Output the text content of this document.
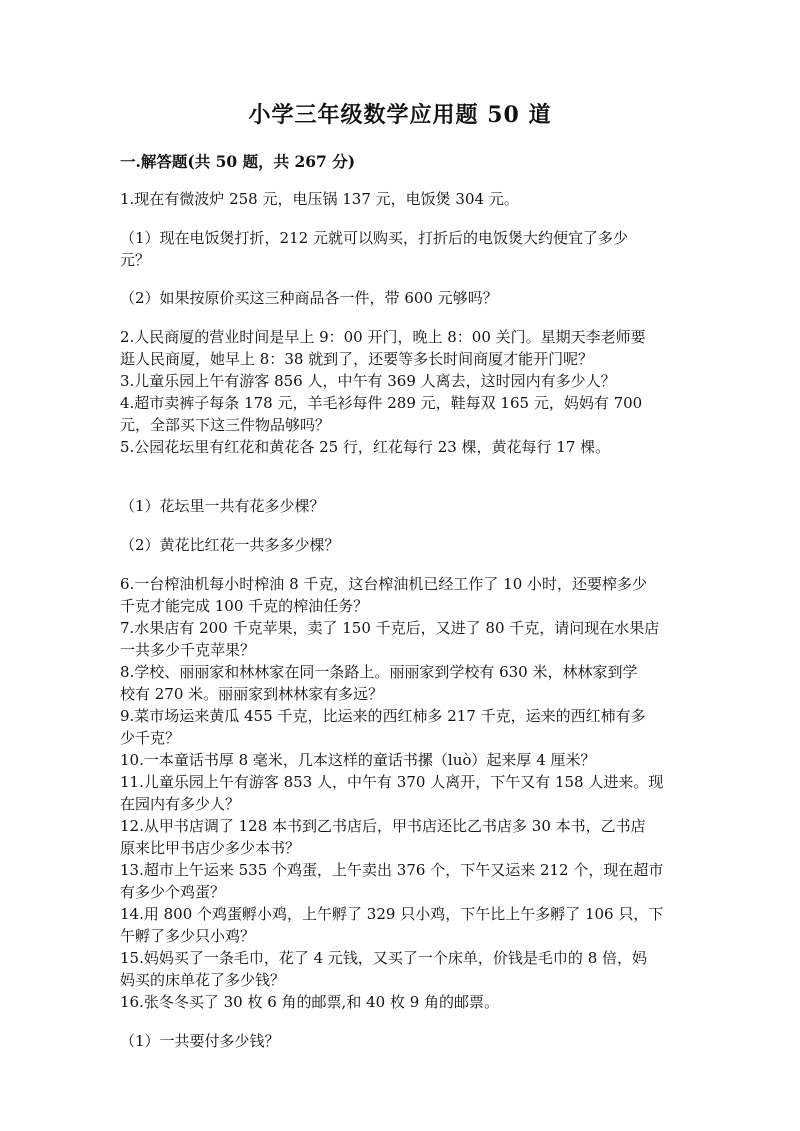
小学三年级数学应用题 50 道
一.解答题(共 50 题，共 267 分)
1.现在有微波炉 258 元，电压锅 137 元，电饭煲 304 元。
（1）现在电饭煲打折，212 元就可以购买，打折后的电饭煲大约便宜了多少
元？
（2）如果按原价买这三种商品各一件，带 600 元够吗？
2.人民商厦的营业时间是早上 9：00 开门，晚上 8：00 关门。星期天李老师要
逛人民商厦，她早上 8：38 就到了，还要等多长时间商厦才能开门呢？
3.儿童乐园上午有游客 856 人，中午有 369 人离去，这时园内有多少人？
4.超市卖裤子每条 178 元，羊毛衫每件 289 元，鞋每双 165 元，妈妈有 700
元，全部买下这三件物品够吗？
5.公园花坛里有红花和黄花各 25 行，红花每行 23 棵，黄花每行 17 棵。
（1）花坛里一共有花多少棵？
（2）黄花比红花一共多多少棵？
6.一台榨油机每小时榨油 8 千克，这台榨油机已经工作了 10 小时，还要榨多少
千克才能完成 100 千克的榨油任务？
7.水果店有 200 千克苹果，卖了 150 千克后，又进了 80 千克，请问现在水果店
一共多少千克苹果？
8.学校、丽丽家和林林家在同一条路上。丽丽家到学校有 630 米，林林家到学
校有 270 米。丽丽家到林林家有多远？
9.菜市场运来黄瓜 455 千克，比运来的西红柿多 217 千克，运来的西红柿有多
少千克？
10.一本童话书厚 8 毫米，几本这样的童话书摞（luò）起来厚 4 厘米？
11.儿童乐园上午有游客 853 人，中午有 370 人离开，下午又有 158 人进来。现
在园内有多少人？
12.从甲书店调了 128 本书到乙书店后，甲书店还比乙书店多 30 本书，乙书店
原来比甲书店少多少本书？
13.超市上午运来 535 个鸡蛋，上午卖出 376 个，下午又运来 212 个，现在超市
有多少个鸡蛋？
14.用 800 个鸡蛋孵小鸡，上午孵了 329 只小鸡，下午比上午多孵了 106 只，下
午孵了多少只小鸡？
15.妈妈买了一条毛巾，花了 4 元钱，又买了一个床单，价钱是毛巾的 8 倍，妈
妈买的床单花了多少钱？
16.张冬冬买了 30 枚 6 角的邮票,和 40 枚 9 角的邮票。
（1）一共要付多少钱？
